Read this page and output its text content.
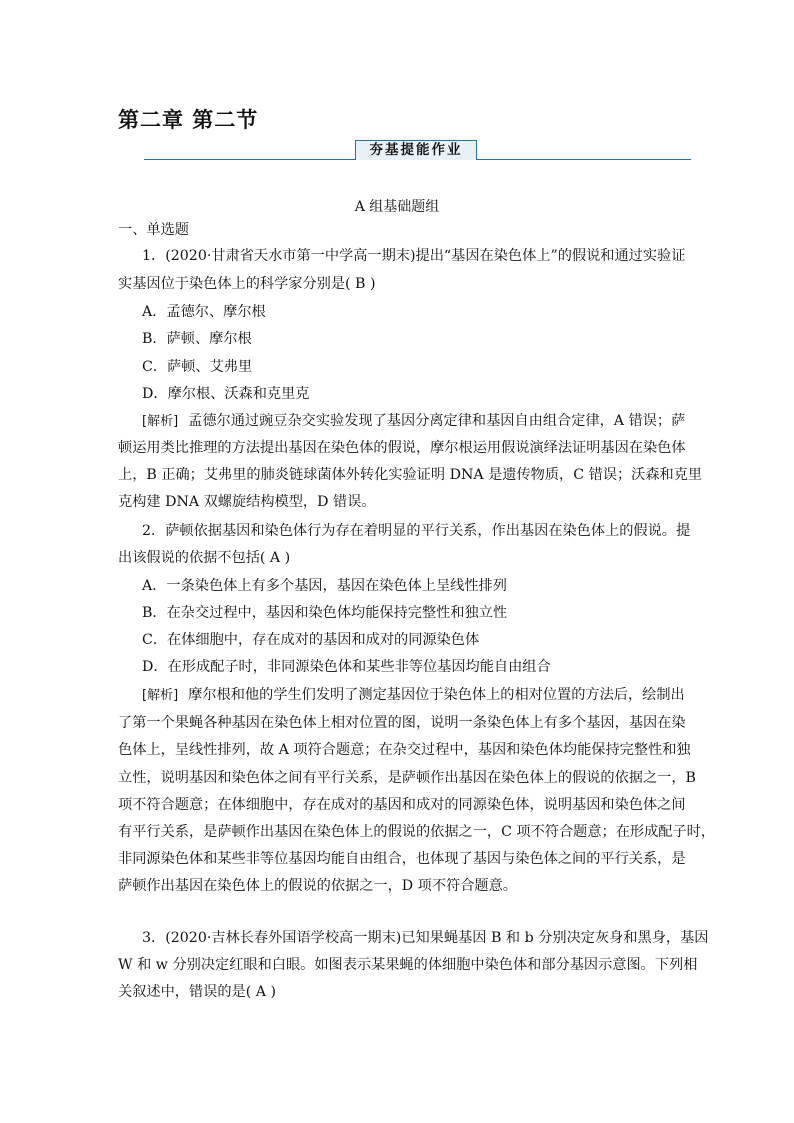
第二章 第二节
夯基提能作业
A 组基础题组
一、单选题
1．(2020·甘肃省天水市第一中学高一期末)提出“基因在染色体上”的假说和通过实验证
实基因位于染色体上的科学家分别是( B )
A．孟德尔、摩尔根
B．萨顿、摩尔根
C．萨顿、艾弗里
D．摩尔根、沃森和克里克
[解析] 孟德尔通过豌豆杂交实验发现了基因分离定律和基因自由组合定律，A 错误；萨
顿运用类比推理的方法提出基因在染色体的假说，摩尔根运用假说演绎法证明基因在染色体
上，B 正确；艾弗里的肺炎链球菌体外转化实验证明 DNA 是遗传物质，C 错误；沃森和克里
克构建 DNA 双螺旋结构模型，D 错误。
2．萨顿依据基因和染色体行为存在着明显的平行关系，作出基因在染色体上的假说。提
出该假说的依据不包括( A )
A．一条染色体上有多个基因，基因在染色体上呈线性排列
B．在杂交过程中，基因和染色体均能保持完整性和独立性
C．在体细胞中，存在成对的基因和成对的同源染色体
D．在形成配子时，非同源染色体和某些非等位基因均能自由组合
[解析] 摩尔根和他的学生们发明了测定基因位于染色体上的相对位置的方法后，绘制出
了第一个果蝇各种基因在染色体上相对位置的图，说明一条染色体上有多个基因，基因在染
色体上，呈线性排列，故 A 项符合题意；在杂交过程中，基因和染色体均能保持完整性和独
立性，说明基因和染色体之间有平行关系，是萨顿作出基因在染色体上的假说的依据之一，B
项不符合题意；在体细胞中，存在成对的基因和成对的同源染色体，说明基因和染色体之间
有平行关系，是萨顿作出基因在染色体上的假说的依据之一，C 项不符合题意；在形成配子时，
非同源染色体和某些非等位基因均能自由组合，也体现了基因与染色体之间的平行关系，是
萨顿作出基因在染色体上的假说的依据之一，D 项不符合题意。
3．(2020·吉林长春外国语学校高一期末)已知果蝇基因 B 和 b 分别决定灰身和黑身，基因
W 和 w 分别决定红眼和白眼。如图表示某果蝇的体细胞中染色体和部分基因示意图。下列相
关叙述中，错误的是( A )
